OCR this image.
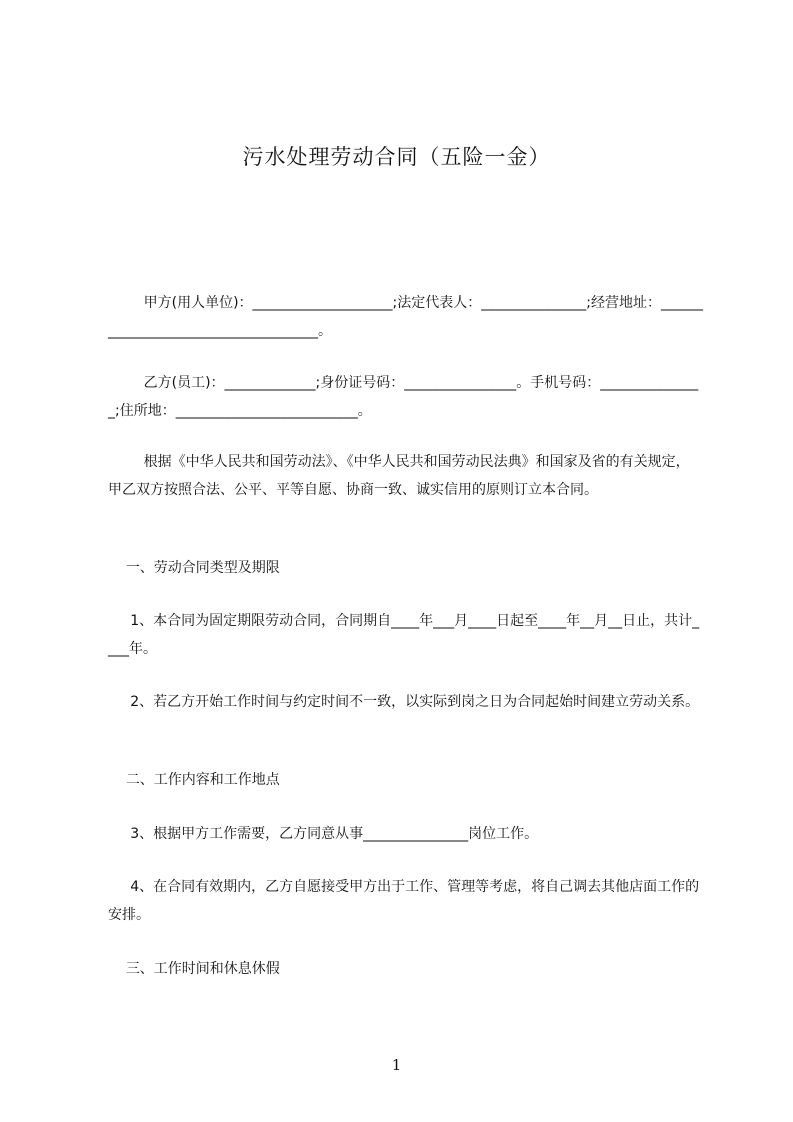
污水处理劳动合同（五险一金）
甲方(用人单位)：____________________;法定代表人：_______________;经营地址：____________________________________。
乙方(员工)：_____________;身份证号码：________________。手机号码：_______________;住所地：__________________________。
根据《中华人民共和国劳动法》、《中华人民共和国劳动民法典》和国家及省的有关规定，甲乙双方按照合法、公平、平等自愿、协商一致、诚实信用的原则订立本合同。
一、劳动合同类型及期限
1、本合同为固定期限劳动合同，合同期自____年___月____日起至____年__月__日止，共计____年。
2、若乙方开始工作时间与约定时间不一致，以实际到岗之日为合同起始时间建立劳动关系。
二、工作内容和工作地点
3、根据甲方工作需要，乙方同意从事_______________岗位工作。
4、在合同有效期内，乙方自愿接受甲方出于工作、管理等考虑，将自己调去其他店面工作的安排。
三、工作时间和休息休假
1
